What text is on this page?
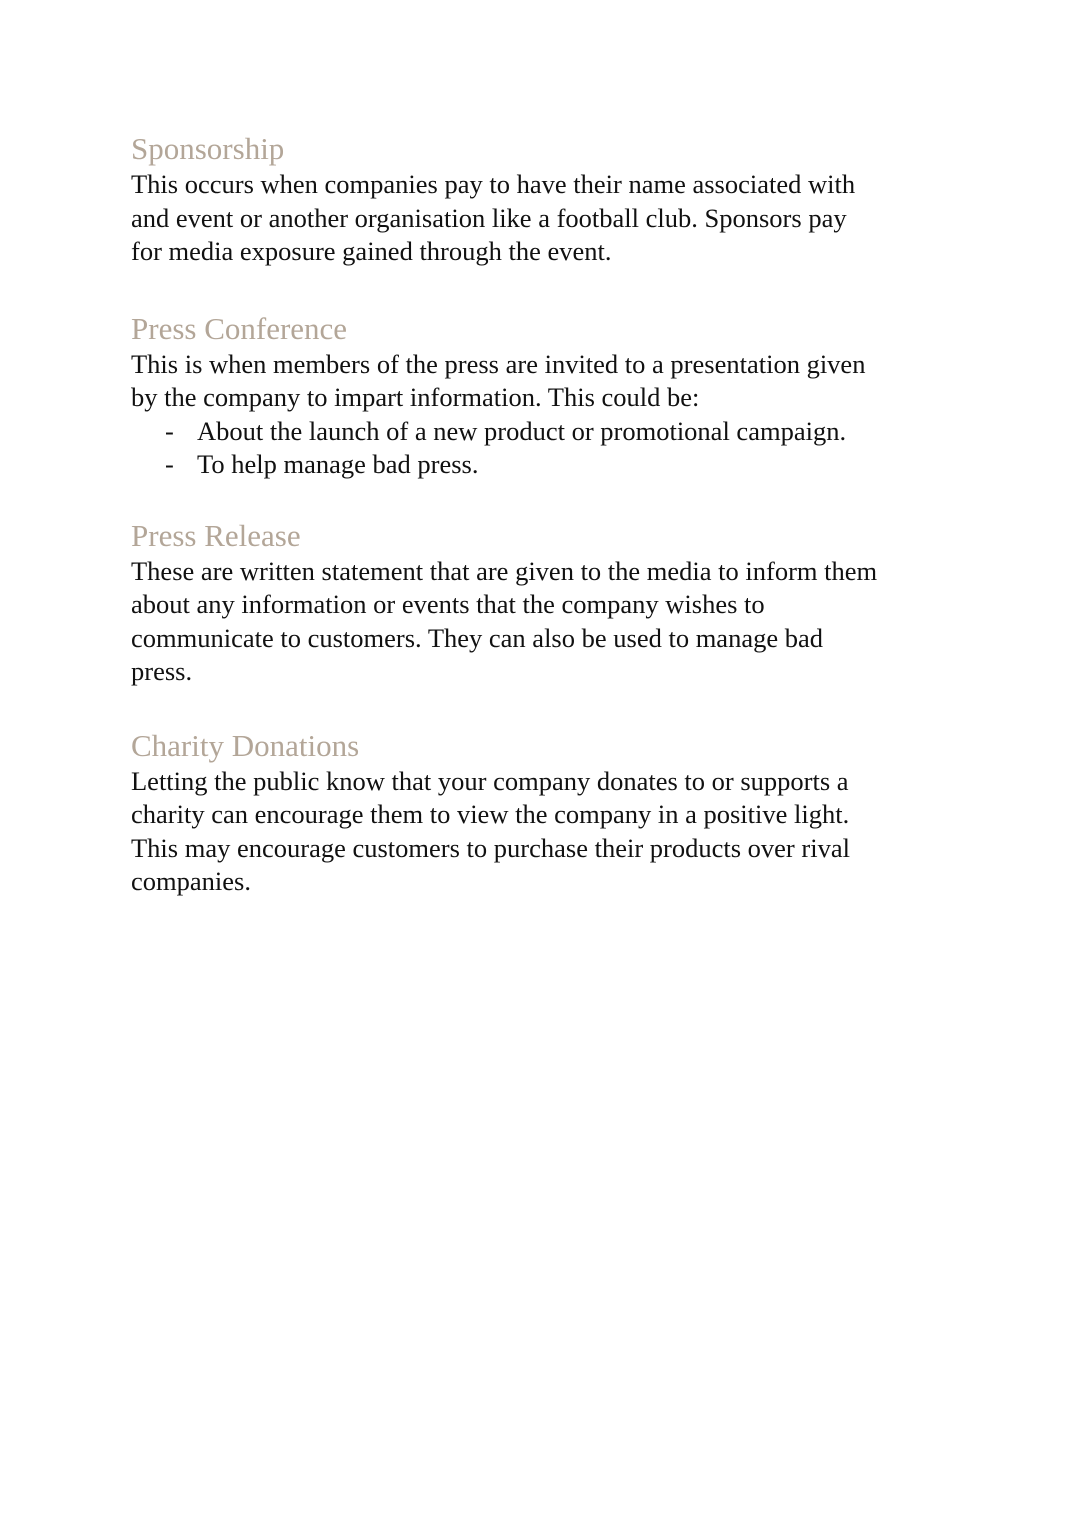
Sponsorship

This occurs when companies pay to have their name associated with
and event or another organisation like a football club. Sponsors pay
for media exposure gained through the event.

Press Conference

This is when members of the press are invited to a presentation given
by the company to impart information. This could be:

- About the launch of a new product or promotional campaign.
- To help manage bad press.
Press Release

These are written statement that are given to the media to inform them
about any information or events that the company wishes to
communicate to customers. They can also be used to manage bad
press.

Charity Donations

Letting the public know that your company donates to or supports a
charity can encourage them to view the company in a positive light.
This may encourage customers to purchase their products over rival
companies.
